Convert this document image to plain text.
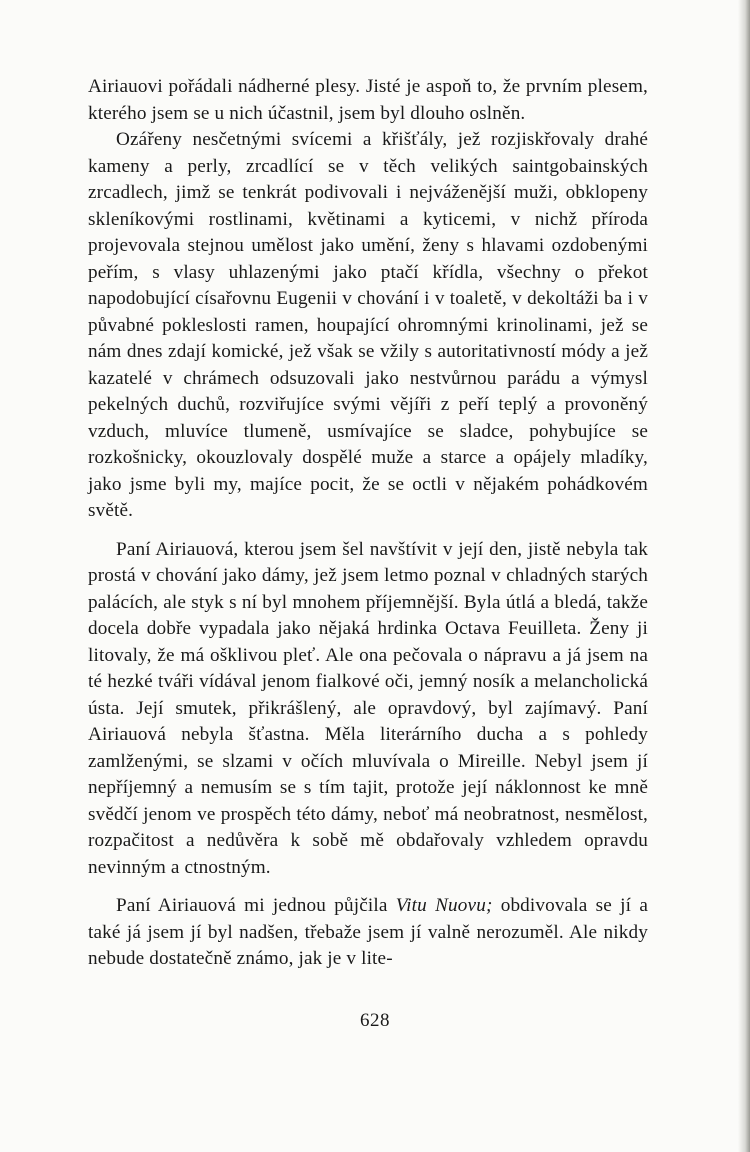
Airiauovi pořádali nádherné plesy. Jisté je aspoň to, že prvním plesem, kterého jsem se u nich účastnil, jsem byl dlouho oslněn.

Ozářeny nesčetnými svícemi a křišťály, jež rozjiskřovaly drahé kameny a perly, zrcadlící se v těch velikých saintgobainských zrcadlech, jimž se tenkrát podivovali i nejváženější muži, obklopeny skleníkovými rostlinami, květinami a kyticemi, v nichž příroda projevovala stejnou umělost jako umění, ženy s hlavami ozdobenými peřím, s vlasy uhlazenými jako ptačí křídla, všechny o překot napodobující císařovnu Eugenii v chování i v toaletě, v dekoltáži ba i v půvabné pokleslosti ramen, houpající ohromnými krinolinami, jež se nám dnes zdají komické, jež však se vžily s autoritativností módy a jež kazatelé v chrámech odsuzovali jako nestvůrnou parádu a výmysl pekelných duchů, rozviřujíce svými vějíři z peří teplý a provoněný vzduch, mluvíce tlumeně, usmívajíce se sladce, pohybujíce se rozkošnicky, okouzlovaly dospělé muže a starce a opájely mladíky, jako jsme byli my, majíce pocit, že se octli v nějakém pohádkovém světě.

Paní Airiauová, kterou jsem šel navštívit v její den, jistě nebyla tak prostá v chování jako dámy, jež jsem letmo poznal v chladných starých palácích, ale styk s ní byl mnohem příjemnější. Byla útlá a bledá, takže docela dobře vypadala jako nějaká hrdinka Octava Feuilleta. Ženy ji litovaly, že má ošklivou pleť. Ale ona pečovala o nápravu a já jsem na té hezké tváři vídával jenom fialkové oči, jemný nosík a melancholická ústa. Její smutek, přikrášlený, ale opravdový, byl zajímavý. Paní Airiauová nebyla šťastna. Měla literárního ducha a s pohledy zamlženými, se slzami v očích mluvívala o Mireille. Nebyl jsem jí nepříjemný a nemusím se s tím tajit, protože její náklonnost ke mně svědčí jenom ve prospěch této dámy, neboť má neobratnost, nesmělost, rozpačitost a nedůvěra k sobě mě obdařovaly vzhledem opravdu nevinným a ctnostným.

Paní Airiauová mi jednou půjčila Vitu Nuovu; obdivovala se jí a také já jsem jí byl nadšen, třebaže jsem jí valně nerozuměl. Ale nikdy nebude dostatečně známo, jak je v lite-

628
